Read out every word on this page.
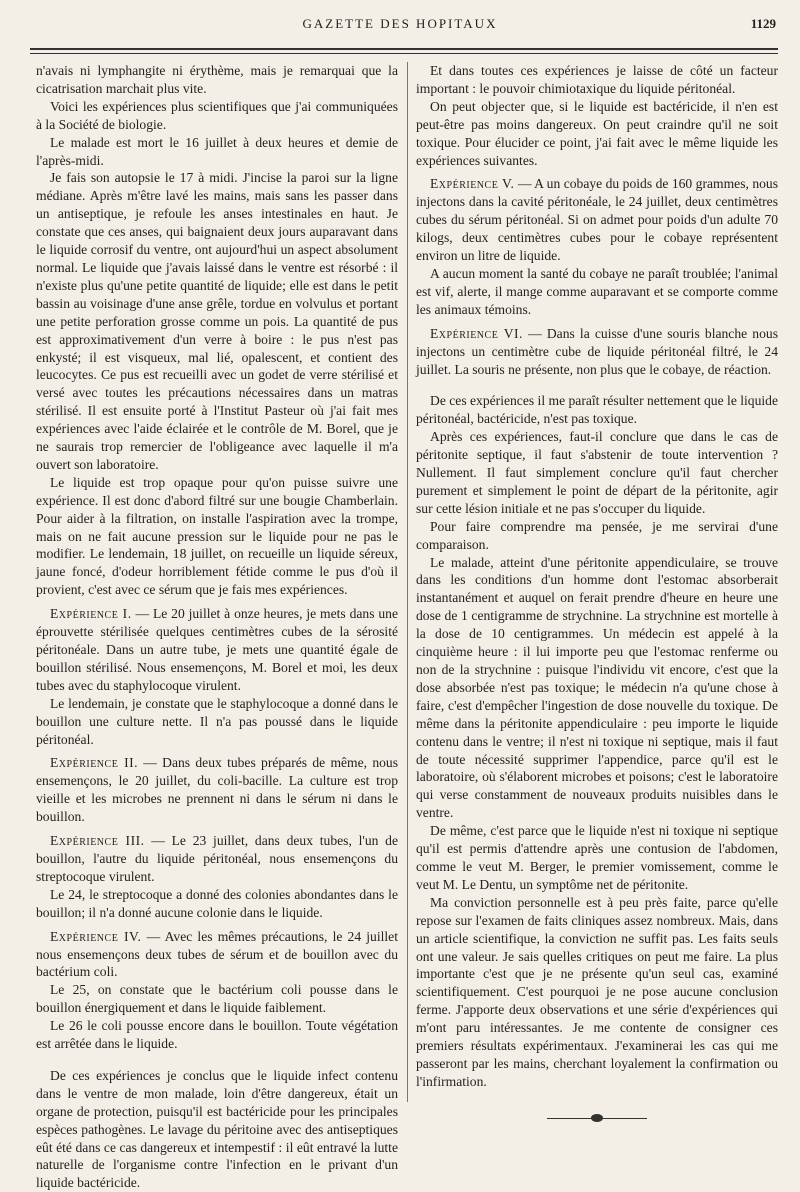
GAZETTE DES HOPITAUX	1129

n'avais ni lymphangite ni érythème, mais je remarquai que la cicatrisation marchait plus vite.

Voici les expériences plus scientifiques que j'ai communiquées à la Société de biologie.

Le malade est mort le 16 juillet à deux heures et demie de l'après-midi.

Je fais son autopsie le 17 à midi. J'incise la paroi sur la ligne médiane. Après m'être lavé les mains, mais sans les passer dans un antiseptique, je refoule les anses intestinales en haut. Je constate que ces anses, qui baignaient deux jours auparavant dans le liquide corrosif du ventre, ont aujourd'hui un aspect absolument normal. Le liquide que j'avais laissé dans le ventre est résorbé : il n'existe plus qu'une petite quantité de liquide; elle est dans le petit bassin au voisinage d'une anse grêle, tordue en volvulus et portant une petite perforation grosse comme un pois. La quantité de pus est approximativement d'un verre à boire : le pus n'est pas enkysté; il est visqueux, mal lié, opalescent, et contient des leucocytes. Ce pus est recueilli avec un godet de verre stérilisé et versé avec toutes les précautions nécessaires dans un matras stérilisé. Il est ensuite porté à l'Institut Pasteur où j'ai fait mes expériences avec l'aide éclairée et le contrôle de M. Borel, que je ne saurais trop remercier de l'obligeance avec laquelle il m'a ouvert son laboratoire.

Le liquide est trop opaque pour qu'on puisse suivre une expérience. Il est donc d'abord filtré sur une bougie Chamberlain. Pour aider à la filtration, on installe l'aspiration avec la trompe, mais on ne fait aucune pression sur le liquide pour ne pas le modifier. Le lendemain, 18 juillet, on recueille un liquide séreux, jaune foncé, d'odeur horriblement fétide comme le pus d'où il provient, c'est avec ce sérum que je fais mes expériences.

Expérience I. — Le 20 juillet à onze heures, je mets dans une éprouvette stérilisée quelques centimètres cubes de la sérosité péritonéale. Dans un autre tube, je mets une quantité égale de bouillon stérilisé. Nous ensemençons, M. Borel et moi, les deux tubes avec du staphylocoque virulent.

Le lendemain, je constate que le staphylocoque a donné dans le bouillon une culture nette. Il n'a pas poussé dans le liquide péritonéal.

Expérience II. — Dans deux tubes préparés de même, nous ensemençons, le 20 juillet, du coli-bacille. La culture est trop vieille et les microbes ne prennent ni dans le sérum ni dans le bouillon.

Expérience III. — Le 23 juillet, dans deux tubes, l'un de bouillon, l'autre du liquide péritonéal, nous ensemençons du streptocoque virulent.

Le 24, le streptocoque a donné des colonies abondantes dans le bouillon; il n'a donné aucune colonie dans le liquide.

Expérience IV. — Avec les mêmes précautions, le 24 juillet nous ensemençons deux tubes de sérum et de bouillon avec du bactérium coli.

Le 25, on constate que le bactérium coli pousse dans le bouillon énergiquement et dans le liquide faiblement.

Le 26 le coli pousse encore dans le bouillon. Toute végétation est arrêtée dans le liquide.

De ces expériences je conclus que le liquide infect contenu dans le ventre de mon malade, loin d'être dangereux, était un organe de protection, puisqu'il est bactéricide pour les principales espèces pathogènes. Le lavage du péritoine avec des antiseptiques eût été dans ce cas dangereux et intempestif : il eût entravé la lutte naturelle de l'organisme contre l'infection en le privant d'un liquide bactéricide.

Et dans toutes ces expériences je laisse de côté un facteur important : le pouvoir chimiotaxique du liquide péritonéal.

On peut objecter que, si le liquide est bactéricide, il n'en est peut-être pas moins dangereux. On peut craindre qu'il ne soit toxique. Pour élucider ce point, j'ai fait avec le même liquide les expériences suivantes.

Expérience V. — A un cobaye du poids de 160 grammes, nous injectons dans la cavité péritonéale, le 24 juillet, deux centimètres cubes du sérum péritonéal. Si on admet pour poids d'un adulte 70 kilogs, deux centimètres cubes pour le cobaye représentent environ un litre de liquide.

A aucun moment la santé du cobaye ne paraît troublée; l'animal est vif, alerte, il mange comme auparavant et se comporte comme les animaux témoins.

Expérience VI. — Dans la cuisse d'une souris blanche nous injectons un centimètre cube de liquide péritonéal filtré, le 24 juillet. La souris ne présente, non plus que le cobaye, de réaction.

De ces expériences il me paraît résulter nettement que le liquide péritonéal, bactéricide, n'est pas toxique.

Après ces expériences, faut-il conclure que dans le cas de péritonite septique, il faut s'abstenir de toute intervention ? Nullement. Il faut simplement conclure qu'il faut chercher purement et simplement le point de départ de la péritonite, agir sur cette lésion initiale et ne pas s'occuper du liquide.

Pour faire comprendre ma pensée, je me servirai d'une comparaison.

Le malade, atteint d'une péritonite appendiculaire, se trouve dans les conditions d'un homme dont l'estomac absorberait instantanément et auquel on ferait prendre d'heure en heure une dose de 1 centigramme de strychnine. La strychnine est mortelle à la dose de 10 centigrammes. Un médecin est appelé à la cinquième heure : il lui importe peu que l'estomac renferme ou non de la strychnine : puisque l'individu vit encore, c'est que la dose absorbée n'est pas toxique; le médecin n'a qu'une chose à faire, c'est d'empêcher l'ingestion de dose nouvelle du toxique. De même dans la péritonite appendiculaire : peu importe le liquide contenu dans le ventre; il n'est ni toxique ni septique, mais il faut de toute nécessité supprimer l'appendice, parce qu'il est le laboratoire, où s'élaborent microbes et poisons; c'est le laboratoire qui verse constamment de nouveaux produits nuisibles dans le ventre.

De même, c'est parce que le liquide n'est ni toxique ni septique qu'il est permis d'attendre après une contusion de l'abdomen, comme le veut M. Berger, le premier vomissement, comme le veut M. Le Dentu, un symptôme net de péritonite.

Ma conviction personnelle est à peu près faite, parce qu'elle repose sur l'examen de faits cliniques assez nombreux. Mais, dans un article scientifique, la conviction ne suffit pas. Les faits seuls ont une valeur. Je sais quelles critiques on peut me faire. La plus importante c'est que je ne présente qu'un seul cas, examiné scientifiquement. C'est pourquoi je ne pose aucune conclusion ferme. J'apporte deux observations et une série d'expériences qui m'ont paru intéressantes. Je me contente de consigner ces premiers résultats expérimentaux. J'examinerai les cas qui me passeront par les mains, cherchant loyalement la confirmation ou l'infirmation.
